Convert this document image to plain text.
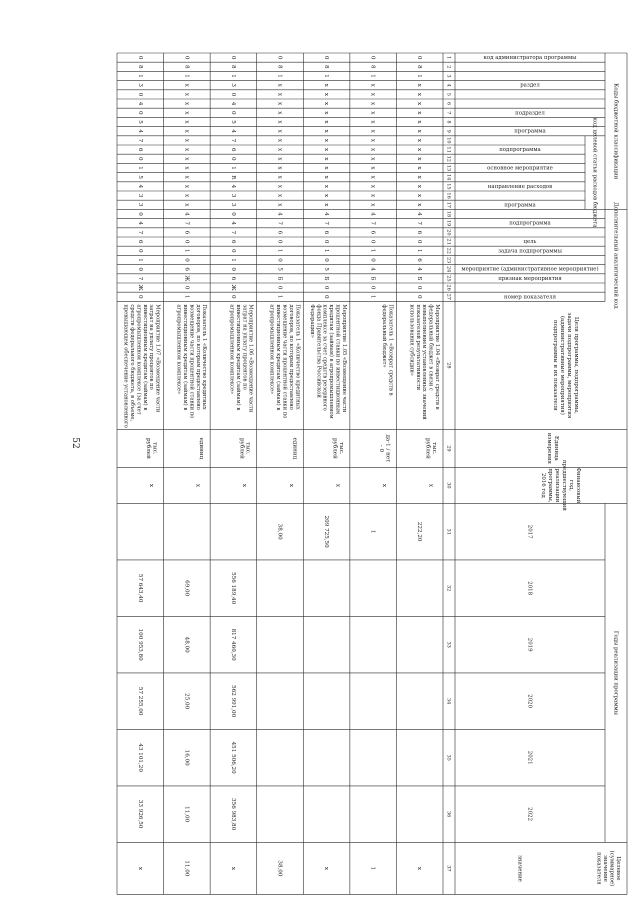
52
Коды бюджетной классификации
код целевой статьи расходов бюджета
Дополнительный аналитический код
Годы реализации программы
код администратора программы
раздел
подраздел
программа
подпрограмма
основное мероприятие
направление расходов
программа
подпрограмма
цель
задача подпрограммы
мероприятие (административное мероприятие)
признак мероприятия
номер показателя
Цели программы, подпрограммы,задачи подпрограммы, мероприятия(административные мероприятия)подпрограммы и их показатели
Единицаизмерения
Финансовыйгод,предшествующийреализациипрограммы,2016 год
2017
2018
2019
2020
2021
2022
Целевое(суммарное)значениепоказателя
значение
1
2
3
4
5
6
7
8
9
10
11
12
13
14
15
16
17
18
19
20
21
22
23
24
25
26
27
28
29
30
31
32
33
34
35
36
37
0
8
1
x
x
x
x
x
x
x
x
x
x
x
x
x
x
4
7
6
0
1
6
4
Б
0
0
Мероприятие 1.04 «Возврат средств вфедеральный бюджет в связи сневыполнением установленных значенийпоказателей результативностииспользования субсидии»
тыс.рублей
x
222,20
x
0
8
1
x
x
x
x
x
x
x
x
x
x
x
x
x
x
4
7
6
0
1
0
4
Б
0
1
Показатель 1 «Возврат средств вфедеральный бюджет»
да-1 / нет- 0
x
1
1
0
8
1
x
x
x
x
x
x
x
x
x
x
x
x
x
x
4
7
6
0
1
0
5
Б
0
0
Мероприятие 1.05 «Возмещение частипроцентной ставки по инвестиционнымкредитам (займам) в агропромышленномкомплексе за счет средств резервногофонда Правительства РоссийскойФедерации»
тыс.рублей
x
209 725,50
x
0
8
1
x
x
x
x
x
x
x
x
x
x
x
x
x
x
4
7
6
0
1
0
5
Б
0
1
Показатель 1 «Количество кредитныхдоговоров, по которым предоставленовозмещение части процентной ставки поинвестиционным кредитам (займам) вагропромышленном комплексе»
единиц
x
38,00
38,00
0
8
1
3
0
4
0
5
4
7
6
0
1
R
4
3
3
0
4
7
6
0
1
0
6
Ж
0
Мероприятие 1.06 «Возмещение частизатрат на уплату процентов поинвестиционным кредитам (займам) вагропромышленном комплексе»
тыс.рублей
x
556 189,40
817 460,30
562 991,00
451 506,20
356 983,80
x
0
8
1
x
x
x
x
x
x
x
x
x
x
x
x
x
x
4
7
6
0
1
0
6
Ж
0
1
Показатель 1 «Количество кредитныхдоговоров, по которым предоставленовозмещение части процентной ставки поинвестиционным кредитам (займам) вагропромышленном комплексе»
единиц
x
69,00
48,00
25,00
16,00
11,00
11,00
0
8
1
3
0
4
0
5
4
7
6
0
1
5
4
3
3
0
4
7
6
0
1
0
7
Ж
0
Мероприятие 1.07 «Возмещение частизатрат на уплату процентов поинвестиционным кредитам (займам) вагропромышленном комплексе (за счетсредств федерального бюджета, в объеме,превышающем обеспечение установленного
тыс.рублей
x
57 643,40
100 953,80
57 255,00
43 101,20
33 926,50
x
